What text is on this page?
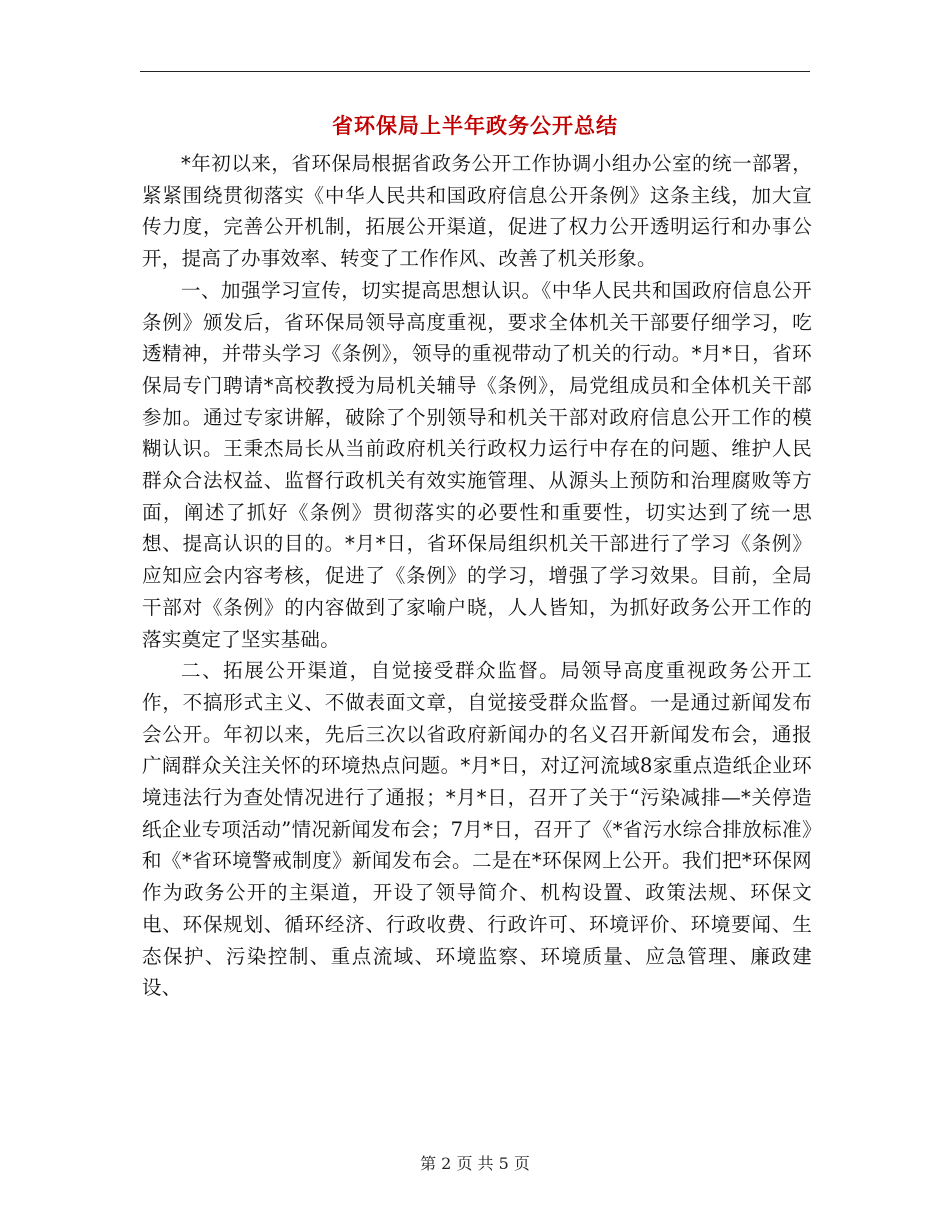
省环保局上半年政务公开总结

*年初以来，省环保局根据省政务公开工作协调小组办公室的统一部署，紧紧围绕贯彻落实《中华人民共和国政府信息公开条例》这条主线，加大宣传力度，完善公开机制，拓展公开渠道，促进了权力公开透明运行和办事公开，提高了办事效率、转变了工作作风、改善了机关形象。

一、加强学习宣传，切实提高思想认识。《中华人民共和国政府信息公开条例》颁发后，省环保局领导高度重视，要求全体机关干部要仔细学习，吃透精神，并带头学习《条例》，领导的重视带动了机关的行动。*月*日，省环保局专门聘请*高校教授为局机关辅导《条例》，局党组成员和全体机关干部参加。通过专家讲解，破除了个别领导和机关干部对政府信息公开工作的模糊认识。王秉杰局长从当前政府机关行政权力运行中存在的问题、维护人民群众合法权益、监督行政机关有效实施管理、从源头上预防和治理腐败等方面，阐述了抓好《条例》贯彻落实的必要性和重要性，切实达到了统一思想、提高认识的目的。*月*日，省环保局组织机关干部进行了学习《条例》应知应会内容考核，促进了《条例》的学习，增强了学习效果。目前，全局干部对《条例》的内容做到了家喻户晓，人人皆知，为抓好政务公开工作的落实奠定了坚实基础。

二、拓展公开渠道，自觉接受群众监督。局领导高度重视政务公开工作，不搞形式主义、不做表面文章，自觉接受群众监督。一是通过新闻发布会公开。年初以来，先后三次以省政府新闻办的名义召开新闻发布会，通报广阔群众关注关怀的环境热点问题。*月*日，对辽河流域8家重点造纸企业环境违法行为查处情况进行了通报；*月*日，召开了关于“污染减排—*关停造纸企业专项活动”情况新闻发布会；7月*日，召开了《*省污水综合排放标准》和《*省环境警戒制度》新闻发布会。二是在*环保网上公开。我们把*环保网作为政务公开的主渠道，开设了领导简介、机构设置、政策法规、环保文电、环保规划、循环经济、行政收费、行政许可、环境评价、环境要闻、生态保护、污染控制、重点流域、环境监察、环境质量、应急管理、廉政建设、

第 2 页 共 5 页
